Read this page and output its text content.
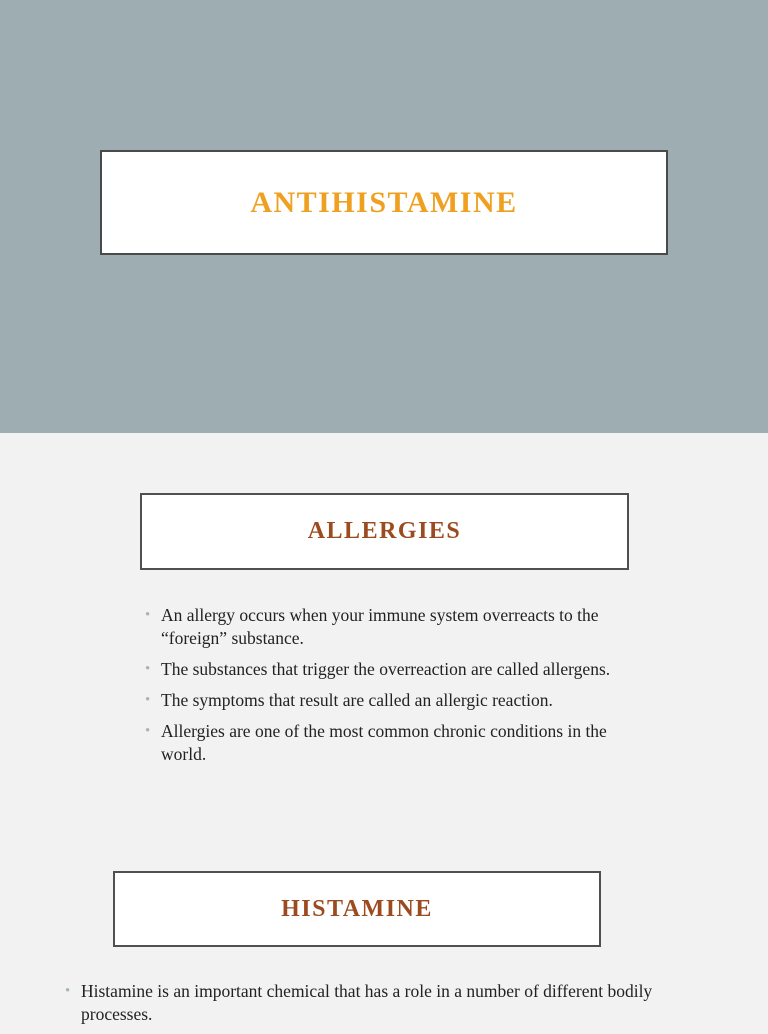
ANTIHISTAMINE
ALLERGIES
• An allergy occurs when your immune system overreacts to the “foreign” substance.
• The substances that trigger the overreaction are called allergens.
• The symptoms that result are called an allergic reaction.
• Allergies are one of the most common chronic conditions in the world.
HISTAMINE
• Histamine is an important chemical that has a role in a number of different bodily processes.
